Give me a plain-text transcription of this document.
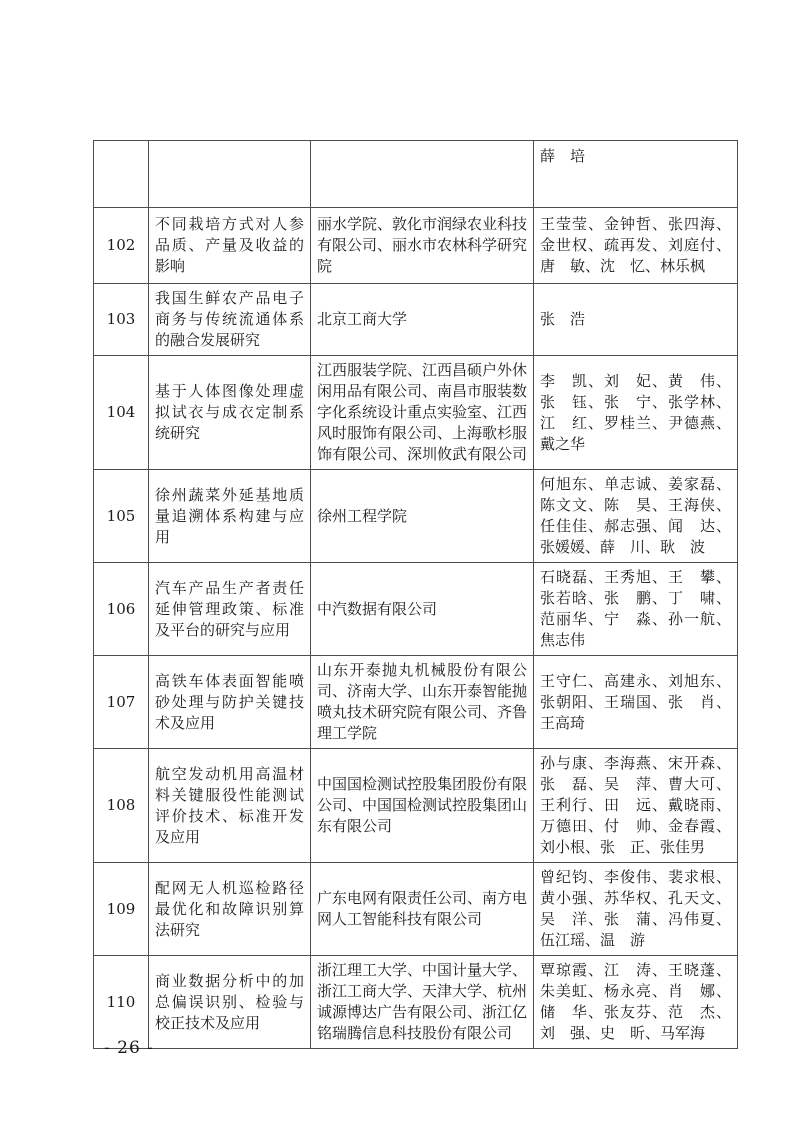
			薛　培
102	不同栽培方式对人参品质、产量及收益的影响	丽水学院、敦化市润绿农业科技有限公司、丽水市农林科学研究院	王莹莹、金钟哲、张四海、金世权、疏再发、刘庭付、唐　敏、沈　忆、林乐枫
103	我国生鲜农产品电子商务与传统流通体系的融合发展研究	北京工商大学	张　浩
104	基于人体图像处理虚拟试衣与成衣定制系统研究	江西服装学院、江西昌硕户外休闲用品有限公司、南昌市服装数字化系统设计重点实验室、江西风时服饰有限公司、上海歌杉服饰有限公司、深圳攸武有限公司	李　凯、刘　妃、黄　伟、张　钰、张　宁、张学林、江　红、罗桂兰、尹德燕、戴之华
105	徐州蔬菜外延基地质量追溯体系构建与应用	徐州工程学院	何旭东、单志诚、姜家磊、陈文文、陈　昊、王海侠、任佳佳、郝志强、闻　达、张媛媛、薛　川、耿　波
106	汽车产品生产者责任延伸管理政策、标准及平台的研究与应用	中汽数据有限公司	石晓磊、王秀旭、王　攀、张若晗、张　鹏、丁　啸、范丽华、宁　淼、孙一航、焦志伟
107	高铁车体表面智能喷砂处理与防护关键技术及应用	山东开泰抛丸机械股份有限公司、济南大学、山东开泰智能抛喷丸技术研究院有限公司、齐鲁理工学院	王守仁、高建永、刘旭东、张朝阳、王瑞国、张　肖、王高琦
108	航空发动机用高温材料关键服役性能测试评价技术、标准开发及应用	中国国检测试控股集团股份有限公司、中国国检测试控股集团山东有限公司	孙与康、李海燕、宋开森、张　磊、吴　萍、曹大可、王利行、田　远、戴晓雨、万德田、付　帅、金春霞、刘小根、张　正、张佳男
109	配网无人机巡检路径最优化和故障识别算法研究	广东电网有限责任公司、南方电网人工智能科技有限公司	曾纪钧、李俊伟、裴求根、黄小强、苏华权、孔天文、吴　洋、张　蒲、冯伟夏、伍江瑶、温　游
110	商业数据分析中的加总偏误识别、检验与校正技术及应用	浙江理工大学、中国计量大学、浙江工商大学、天津大学、杭州诚源博达广告有限公司、浙江亿铭瑞腾信息科技股份有限公司	覃琼霞、江　涛、王晓蓬、朱美虹、杨永亮、肖　娜、储　华、张友芬、范　杰、刘　强、史　昕、马军海
- 26 -
